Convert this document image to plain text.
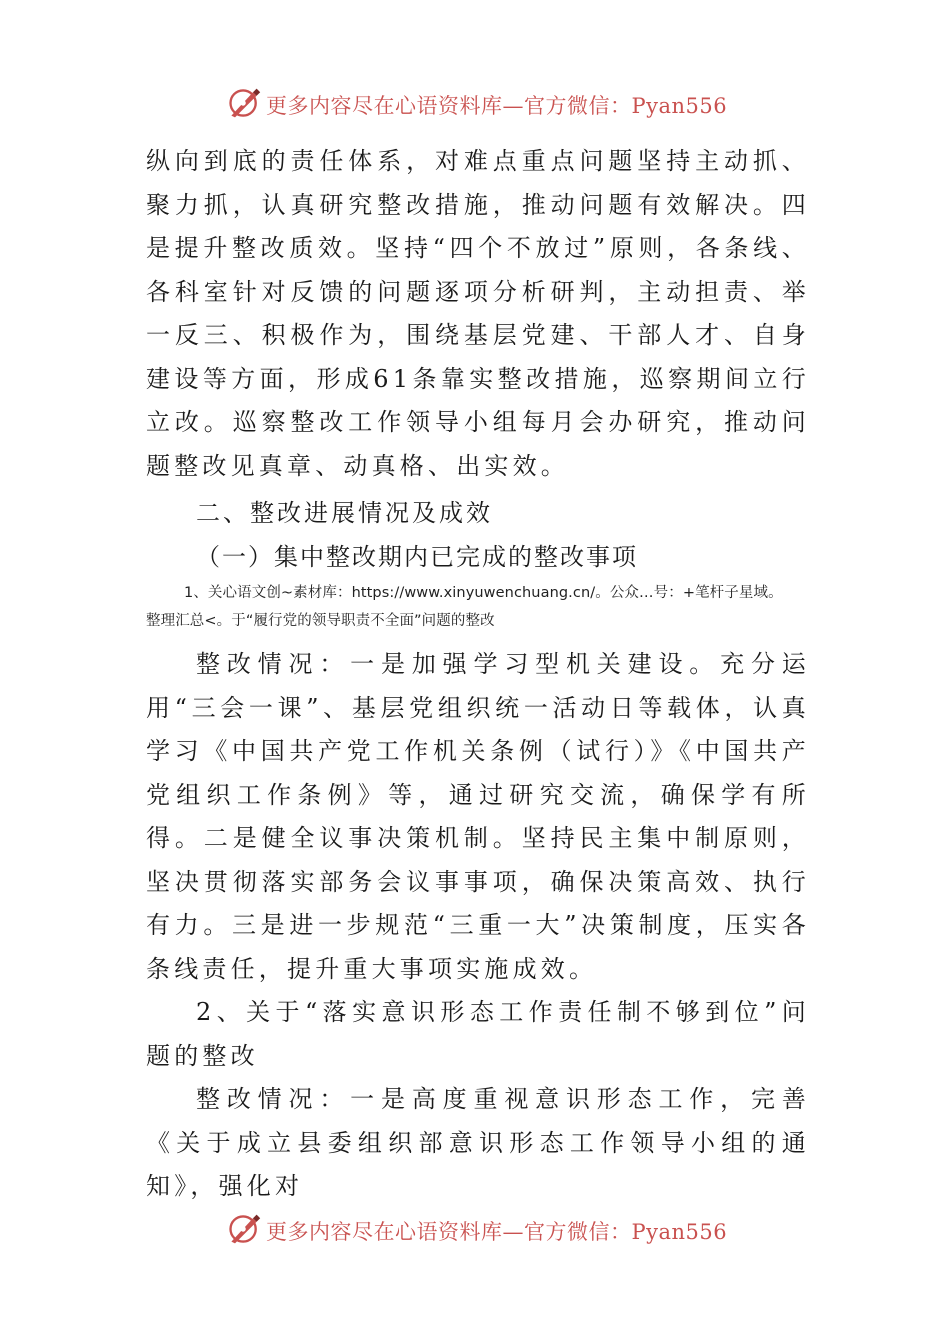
更多内容尽在心语资料库—官方微信：Pyan556

纵向到底的责任体系，对难点重点问题坚持主动抓、聚力抓，认真研究整改措施，推动问题有效解决。四是提升整改质效。坚持“四个不放过”原则，各条线、各科室针对反馈的问题逐项分析研判，主动担责、举一反三、积极作为，围绕基层党建、干部人才、自身建设等方面，形成61条靠实整改措施，巡察期间立行立改。巡察整改工作领导小组每月会办研究，推动问题整改见真章、动真格、出实效。

二、整改进展情况及成效

（一）集中整改期内已完成的整改事项

1、关心语文创~素材库：https://www.xinyuwenchuang.cn/。公众…号：+笔杆子星域。
整理汇总<。于“履行党的领导职责不全面”问题的整改

整改情况：一是加强学习型机关建设。充分运用“三会一课”、基层党组织统一活动日等载体，认真学习《中国共产党工作机关条例（试行）》《中国共产党组织工作条例》等，通过研究交流，确保学有所得。二是健全议事决策机制。坚持民主集中制原则，坚决贯彻落实部务会议事事项，确保决策高效、执行有力。三是进一步规范“三重一大”决策制度，压实各条线责任，提升重大事项实施成效。

2、关于“落实意识形态工作责任制不够到位”问题的整改

整改情况：一是高度重视意识形态工作，完善《关于成立县委组织部意识形态工作领导小组的通知》，强化对

更多内容尽在心语资料库—官方微信：Pyan556
